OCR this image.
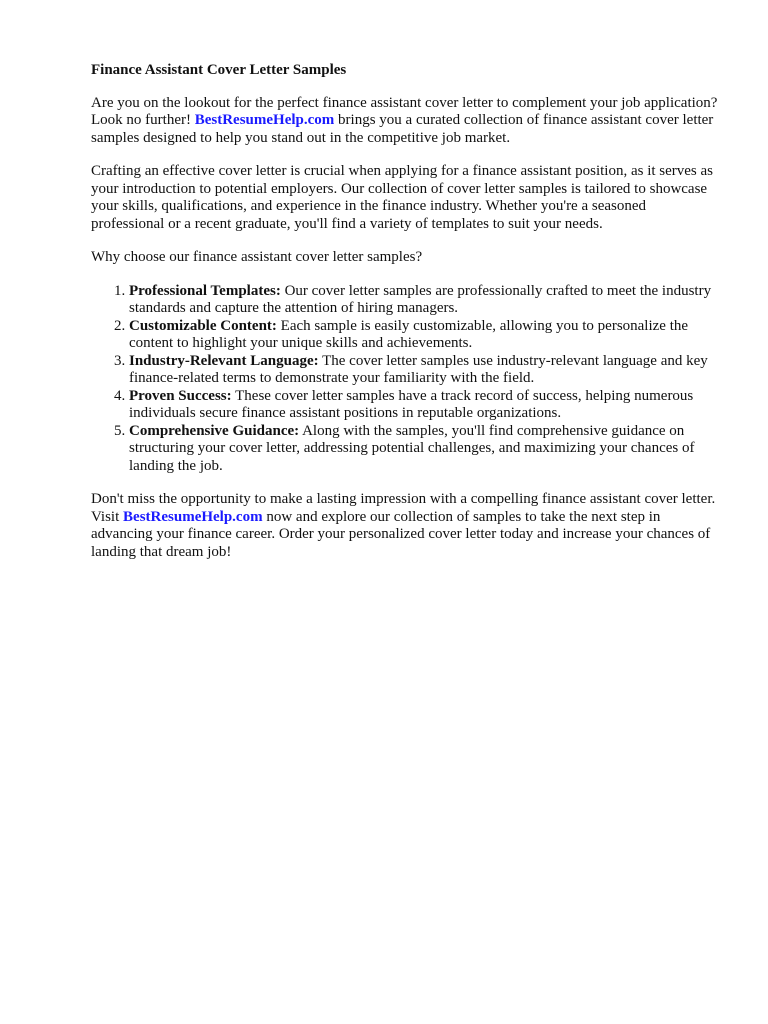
Finance Assistant Cover Letter Samples

Are you on the lookout for the perfect finance assistant cover letter to complement your job application? Look no further! BestResumeHelp.com brings you a curated collection of finance assistant cover letter samples designed to help you stand out in the competitive job market.

Crafting an effective cover letter is crucial when applying for a finance assistant position, as it serves as your introduction to potential employers. Our collection of cover letter samples is tailored to showcase your skills, qualifications, and experience in the finance industry. Whether you're a seasoned professional or a recent graduate, you'll find a variety of templates to suit your needs.

Why choose our finance assistant cover letter samples?

1. Professional Templates: Our cover letter samples are professionally crafted to meet the industry standards and capture the attention of hiring managers.
2. Customizable Content: Each sample is easily customizable, allowing you to personalize the content to highlight your unique skills and achievements.
3. Industry-Relevant Language: The cover letter samples use industry-relevant language and key finance-related terms to demonstrate your familiarity with the field.
4. Proven Success: These cover letter samples have a track record of success, helping numerous individuals secure finance assistant positions in reputable organizations.
5. Comprehensive Guidance: Along with the samples, you'll find comprehensive guidance on structuring your cover letter, addressing potential challenges, and maximizing your chances of landing the job.

Don't miss the opportunity to make a lasting impression with a compelling finance assistant cover letter. Visit BestResumeHelp.com now and explore our collection of samples to take the next step in advancing your finance career. Order your personalized cover letter today and increase your chances of landing that dream job!
